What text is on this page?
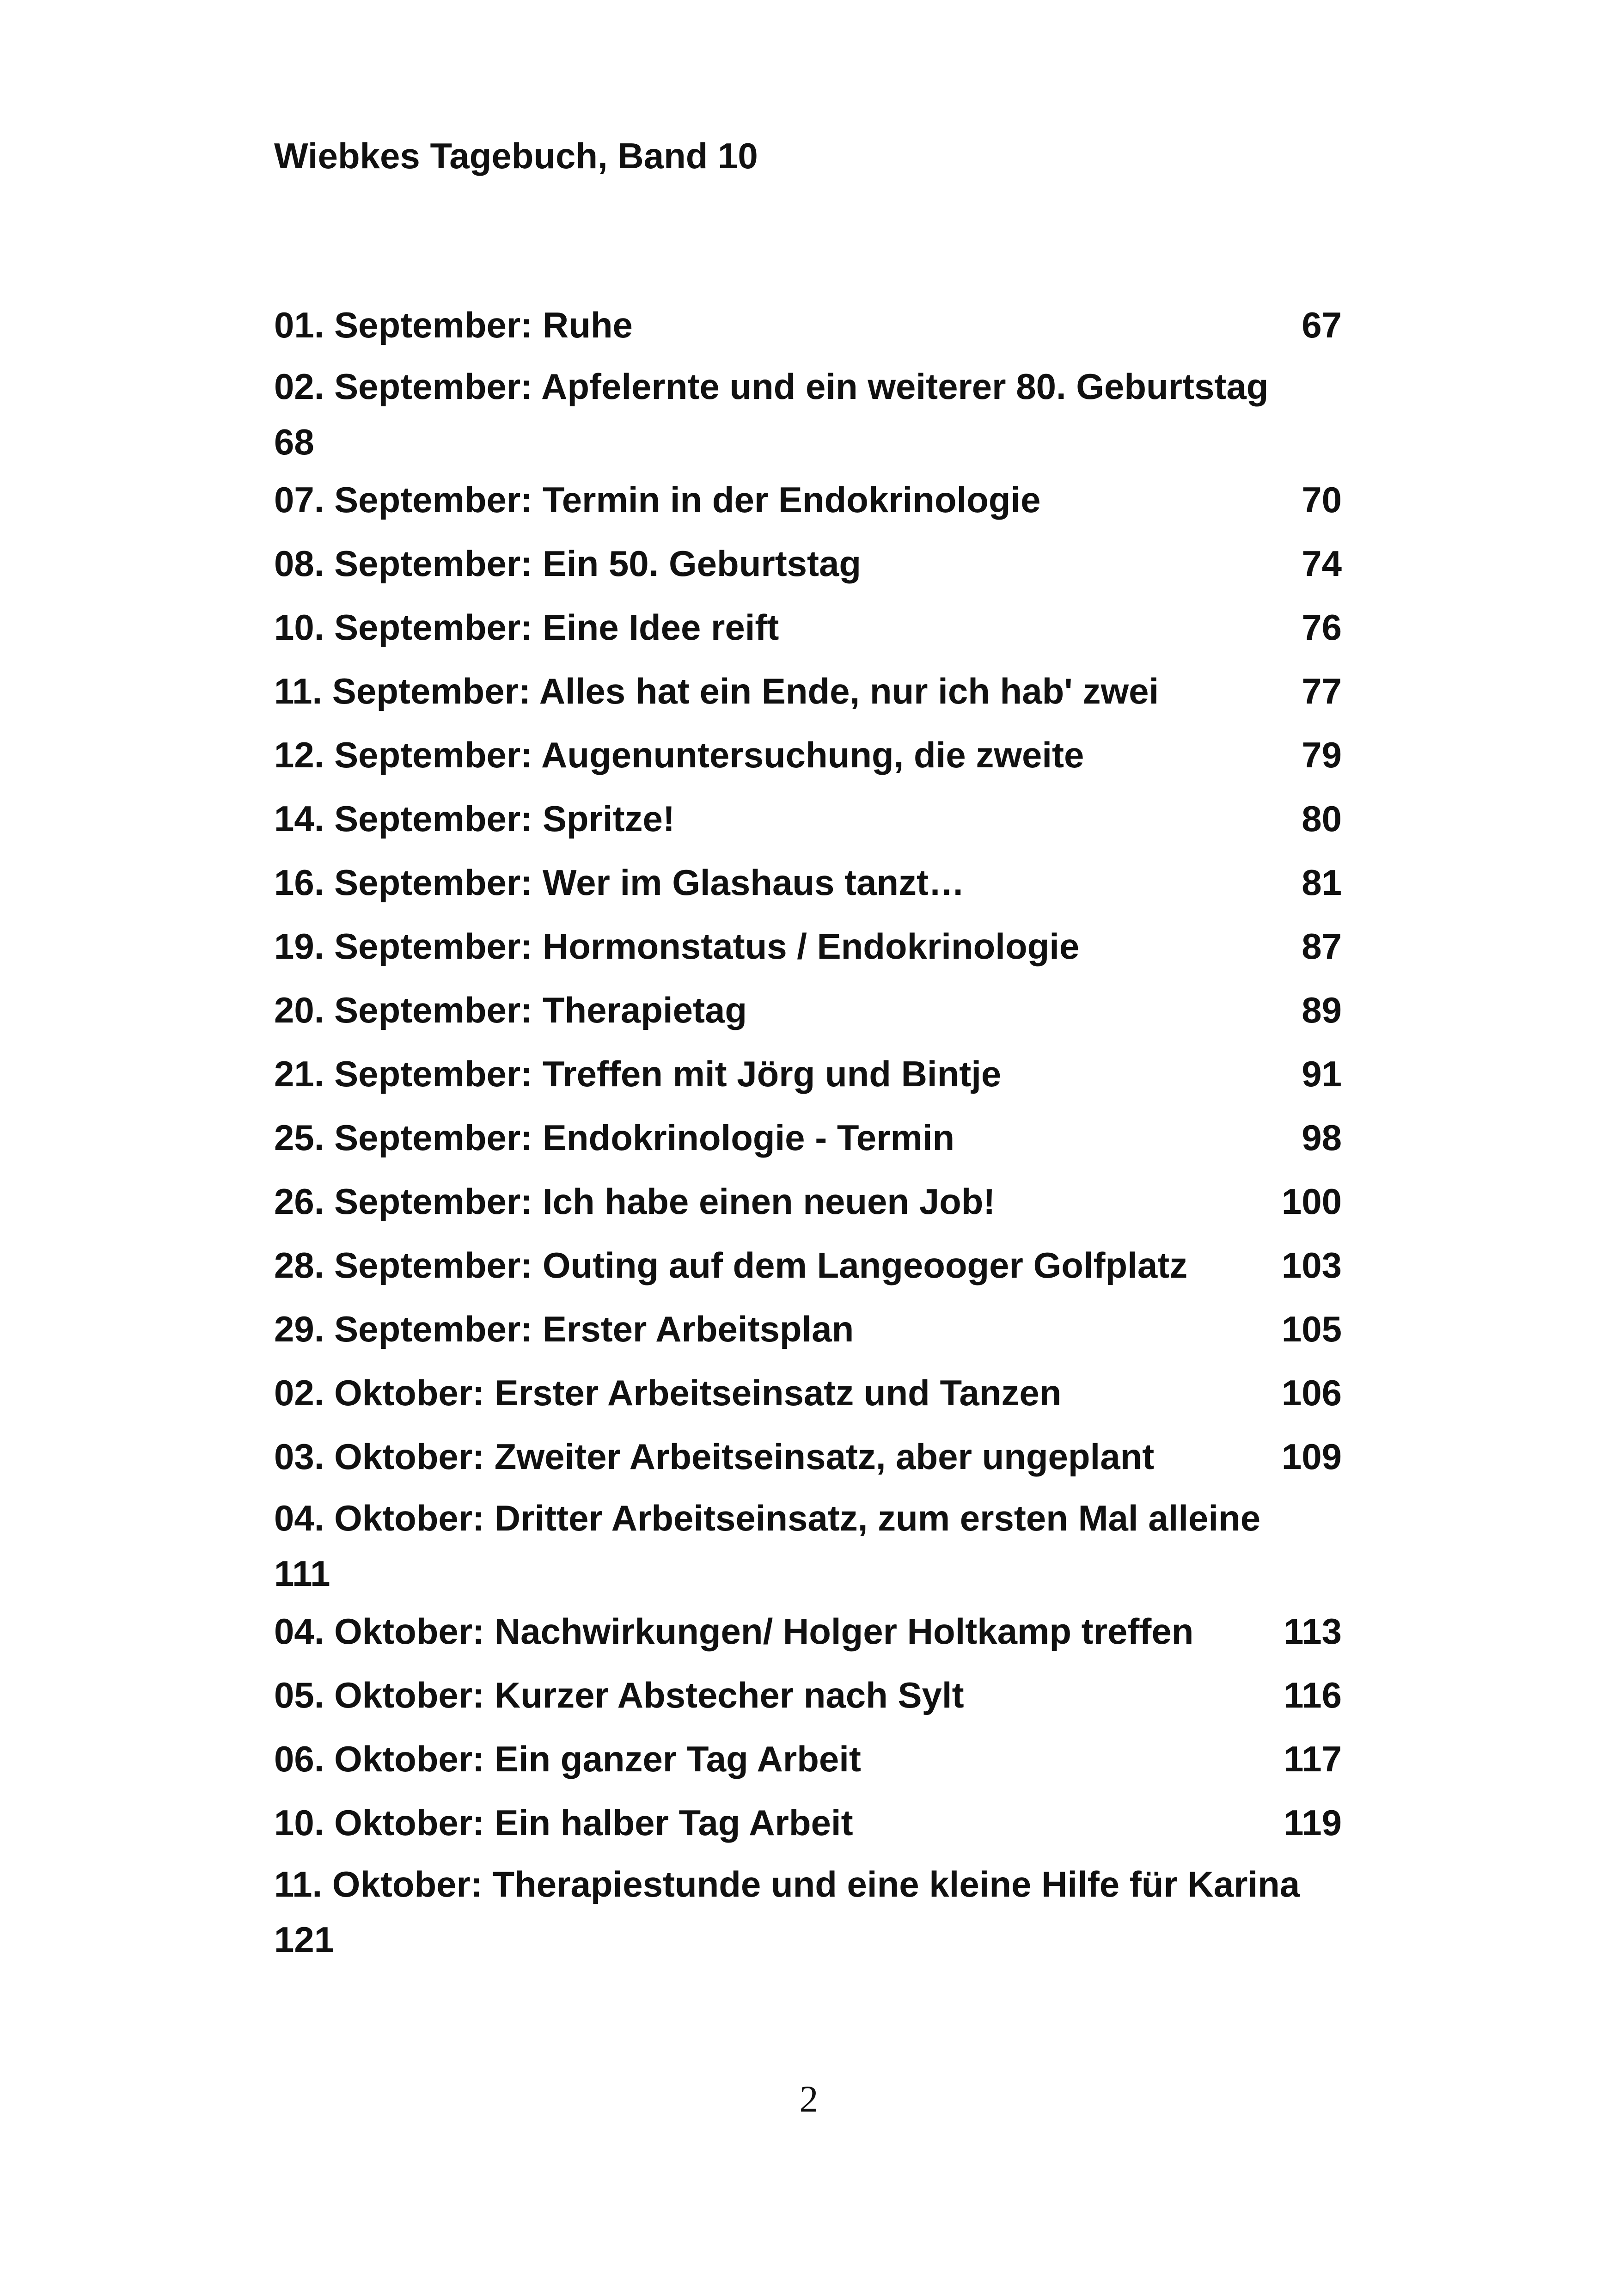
Wiebkes Tagebuch, Band 10
01. September: Ruhe	67
02. September: Apfelernte und ein weiterer 80. Geburtstag
68
07. September: Termin in der Endokrinologie	70
08. September: Ein 50. Geburtstag	74
10. September: Eine Idee reift	76
11. September: Alles hat ein Ende, nur ich hab' zwei	77
12. September: Augenuntersuchung, die zweite	79
14. September: Spritze!	80
16. September: Wer im Glashaus tanzt…	81
19. September: Hormonstatus / Endokrinologie	87
20. September: Therapietag	89
21. September: Treffen mit Jörg und Bintje	91
25. September: Endokrinologie - Termin	98
26. September: Ich habe einen neuen Job!	100
28. September: Outing auf dem Langeooger Golfplatz	103
29. September: Erster Arbeitsplan	105
02. Oktober: Erster Arbeitseinsatz und Tanzen	106
03. Oktober: Zweiter Arbeitseinsatz, aber ungeplant	109
04. Oktober: Dritter Arbeitseinsatz, zum ersten Mal alleine
111
04. Oktober: Nachwirkungen/ Holger Holtkamp treffen 113
05. Oktober: Kurzer Abstecher nach Sylt	116
06. Oktober: Ein ganzer Tag Arbeit	117
10. Oktober: Ein halber Tag Arbeit	119
11. Oktober: Therapiestunde und eine kleine Hilfe für Karina
121
2
